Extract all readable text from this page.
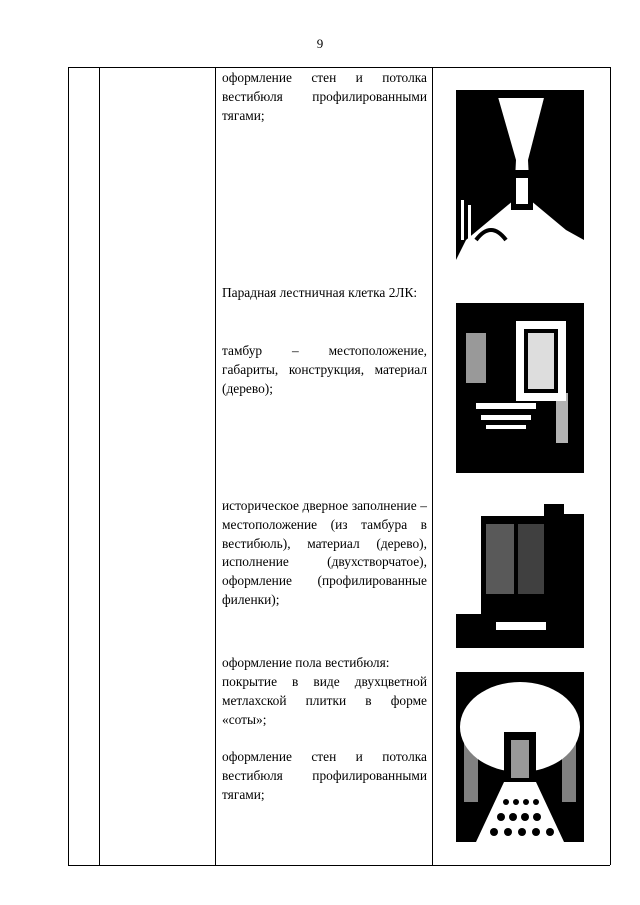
9

оформление стен и потолка вестибюля профилированными тягами;

Парадная лестничная клетка 2ЛК:

тамбур – местоположение, габариты, конструкция, материал (дерево);

историческое дверное заполнение – местоположение (из тамбура в вестибюль), материал (дерево), исполнение (двухстворчатое), оформление (профилированные филенки);

оформление пола вестибюля:

покрытие в виде двухцветной метлахской плитки в форме «соты»;

оформление стен и потолка вестибюля профилированными тягами;
